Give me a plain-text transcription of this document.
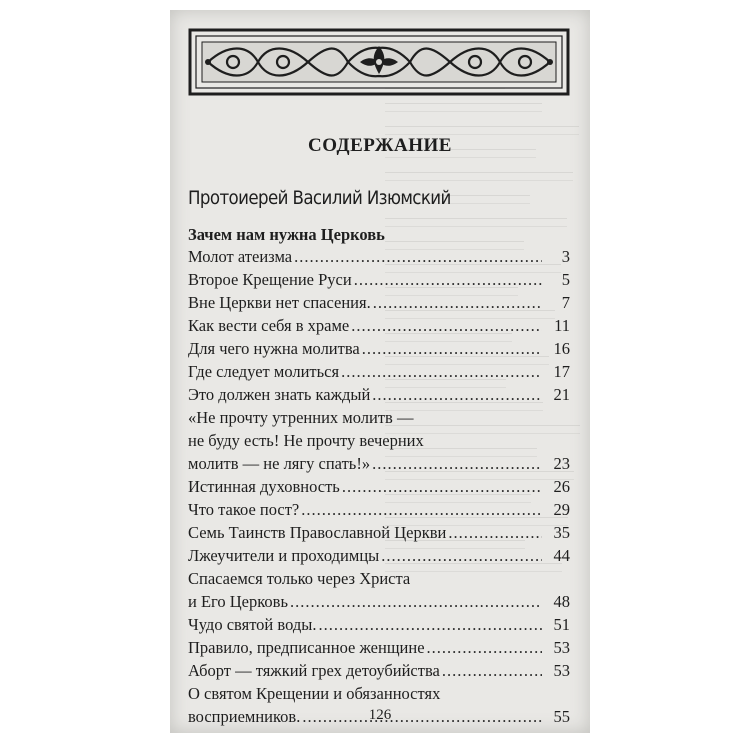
СОДЕРЖАНИЕ
Протоиерей Василий Изюмский
Зачем нам нужна Церковь
Молот атеизма .....	3
Второе Крещение Руси .....	5
Вне Церкви нет спасения. .....	7
Как вести себя в храме .....	11
Для чего нужна молитва .....	16
Где следует молиться .....	17
Это должен знать каждый .....	21
«Не прочту утренних молитв —
не буду есть! Не прочту вечерних
молитв — не лягу спать!» .....	23
Истинная духовность .....	26
Что такое пост? .....	29
Семь Таинств Православной Церкви .....	35
Лжеучители и проходимцы .....	44
Спасаемся только через Христа
и Его Церковь .....	48
Чудо святой воды. .....	51
Правило, предписанное женщине .....	53
Аборт — тяжкий грех детоубийства .....	53
О святом Крещении и обязанностях
восприемников. .....	55
126
